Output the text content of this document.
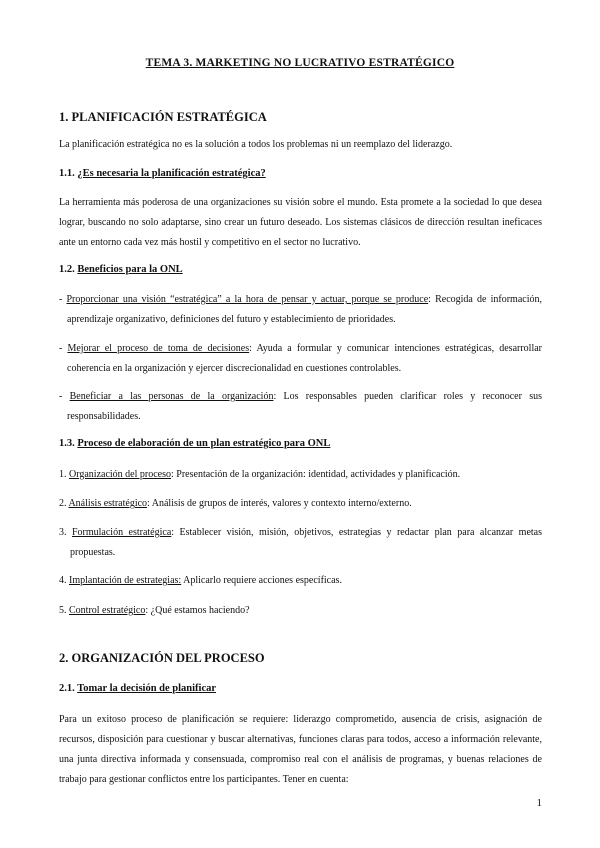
TEMA 3. MARKETING NO LUCRATIVO ESTRATÉGICO
1. PLANIFICACIÓN ESTRATÉGICA
La planificación estratégica no es la solución a todos los problemas ni un reemplazo del liderazgo.
1.1. ¿Es necesaria la planificación estratégica?
La herramienta más poderosa de una organizaciones su visión sobre el mundo. Esta promete a la sociedad lo que desea lograr, buscando no solo adaptarse, sino crear un futuro deseado. Los sistemas clásicos de dirección resultan ineficaces ante un entorno cada vez más hostil y competitivo en el sector no lucrativo.
1.2. Beneficios para la ONL
- Proporcionar una visión “estratégica” a la hora de pensar y actuar, porque se produce: Recogida de información, aprendizaje organizativo, definiciones del futuro y establecimiento de prioridades.
- Mejorar el proceso de toma de decisiones: Ayuda a formular y comunicar intenciones estratégicas, desarrollar coherencia en la organización y ejercer discrecionalidad en cuestiones controlables.
- Beneficiar a las personas de la organización: Los responsables pueden clarificar roles y reconocer sus responsabilidades.
1.3. Proceso de elaboración de un plan estratégico para ONL
1. Organización del proceso: Presentación de la organización: identidad, actividades y planificación.
2. Análisis estratégico: Análisis de grupos de interés, valores y contexto interno/externo.
3. Formulación estratégica: Establecer visión, misión, objetivos, estrategias y redactar plan para alcanzar metas propuestas.
4. Implantación de estrategias: Aplicarlo requiere acciones específicas.
5. Control estratégico: ¿Qué estamos haciendo?
2. ORGANIZACIÓN DEL PROCESO
2.1. Tomar la decisión de planificar
Para un exitoso proceso de planificación se requiere: liderazgo comprometido, ausencia de crisis, asignación de recursos, disposición para cuestionar y buscar alternativas, funciones claras para todos, acceso a información relevante, una junta directiva informada y consensuada, compromiso real con el análisis de programas, y buenas relaciones de trabajo para gestionar conflictos entre los participantes. Tener en cuenta:
1
